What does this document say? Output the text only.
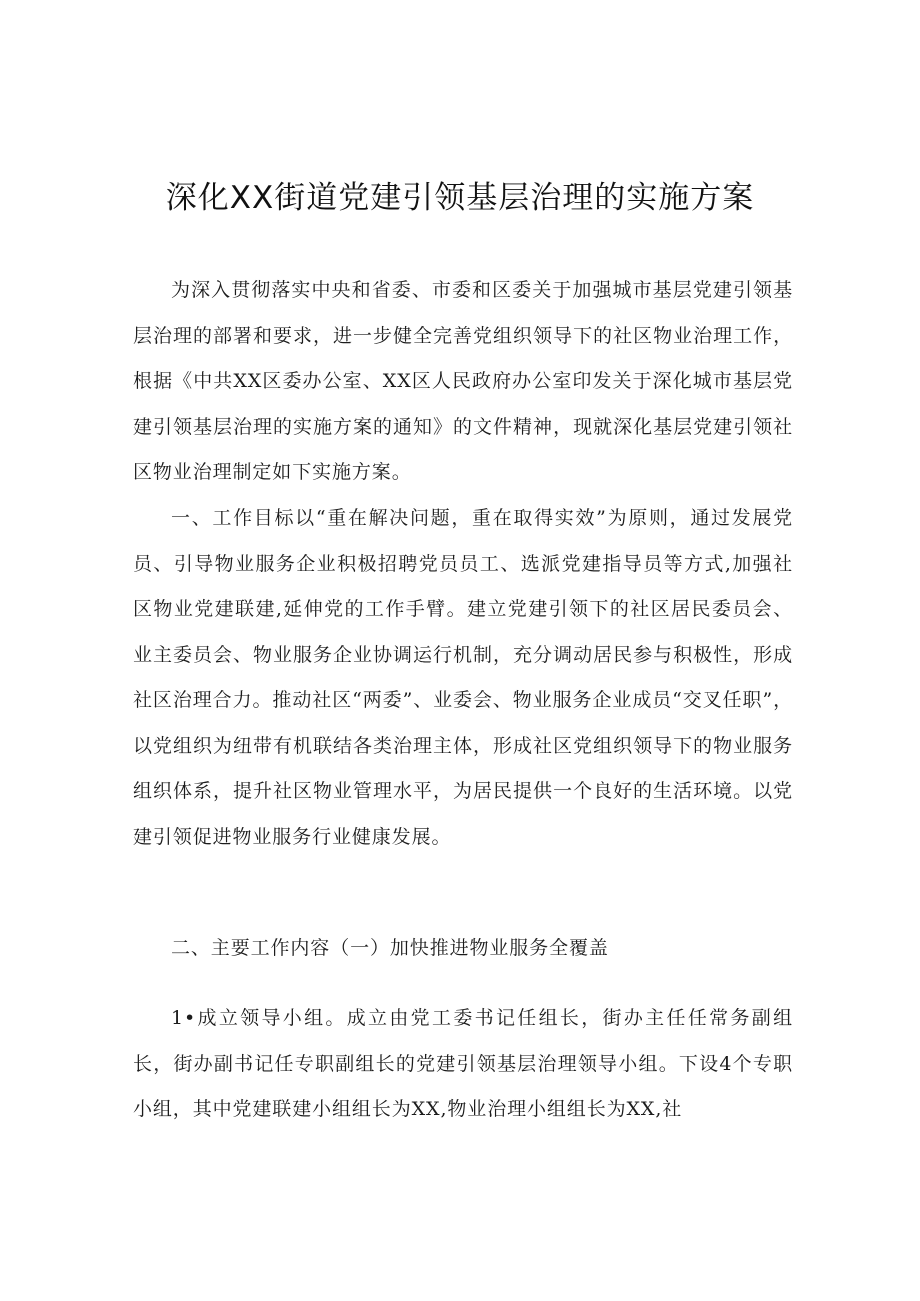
深化XX街道党建引领基层治理的实施方案

为深入贯彻落实中央和省委、市委和区委关于加强城市基层党建引领基层治理的部署和要求，进一步健全完善党组织领导下的社区物业治理工作，根据《中共XX区委办公室、XX区人民政府办公室印发关于深化城市基层党建引领基层治理的实施方案的通知》的文件精神，现就深化基层党建引领社区物业治理制定如下实施方案。

一、工作目标以“重在解决问题，重在取得实效”为原则，通过发展党员、引导物业服务企业积极招聘党员员工、选派党建指导员等方式,加强社区物业党建联建,延伸党的工作手臂。建立党建引领下的社区居民委员会、业主委员会、物业服务企业协调运行机制，充分调动居民参与积极性，形成社区治理合力。推动社区“两委”、业委会、物业服务企业成员“交叉任职”，以党组织为纽带有机联结各类治理主体，形成社区党组织领导下的物业服务组织体系，提升社区物业管理水平，为居民提供一个良好的生活环境。以党建引领促进物业服务行业健康发展。

二、主要工作内容（一）加快推进物业服务全覆盖

1•成立领导小组。成立由党工委书记任组长，街办主任任常务副组长，街办副书记任专职副组长的党建引领基层治理领导小组。下设4个专职小组，其中党建联建小组组长为XX,物业治理小组组长为XX,社
